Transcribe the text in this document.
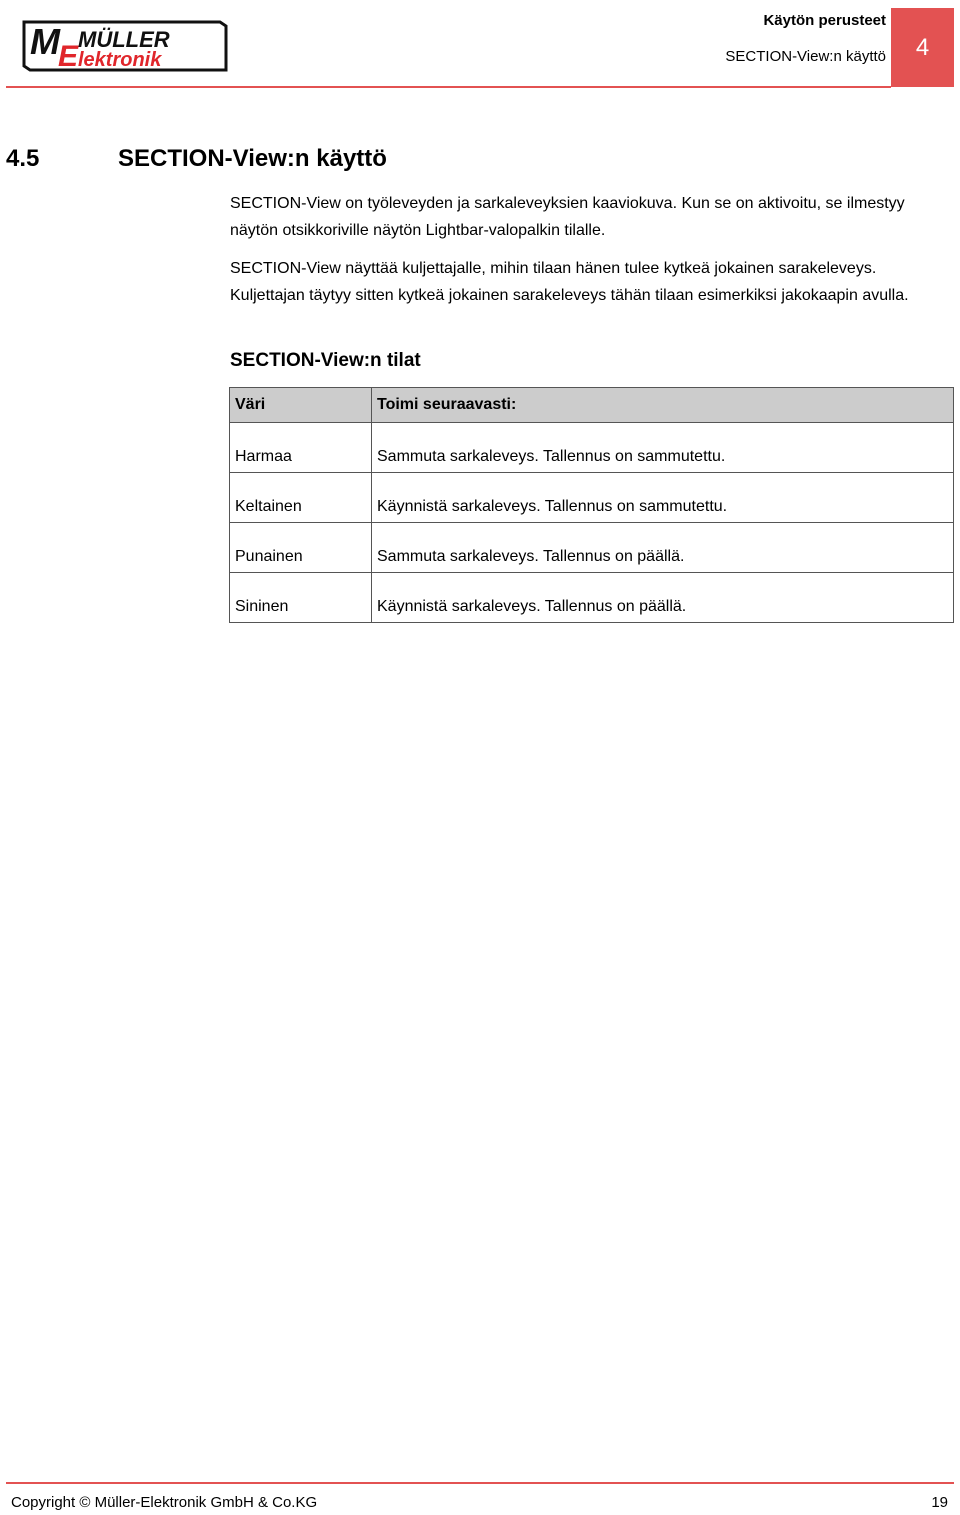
M
E
MÜLLER
lektronik
Käytön perusteet
SECTION-View:n käyttö	4
4.5	SECTION-View:n käyttö
SECTION-View on työleveyden ja sarkaleveyksien kaaviokuva. Kun se on aktivoitu, se ilmestyy näytön otsikkoriville näytön Lightbar-valopalkin tilalle.
SECTION-View näyttää kuljettajalle, mihin tilaan hänen tulee kytkeä jokainen sarakeleveys. Kuljettajan täytyy sitten kytkeä jokainen sarakeleveys tähän tilaan esimerkiksi jakokaapin avulla.
SECTION-View:n tilat
Väri	Toimi seuraavasti:
Harmaa	Sammuta sarkaleveys. Tallennus on sammutettu.
Keltainen	Käynnistä sarkaleveys. Tallennus on sammutettu.
Punainen	Sammuta sarkaleveys. Tallennus on päällä.
Sininen	Käynnistä sarkaleveys. Tallennus on päällä.
Copyright © Müller-Elektronik GmbH & Co.KG	19
